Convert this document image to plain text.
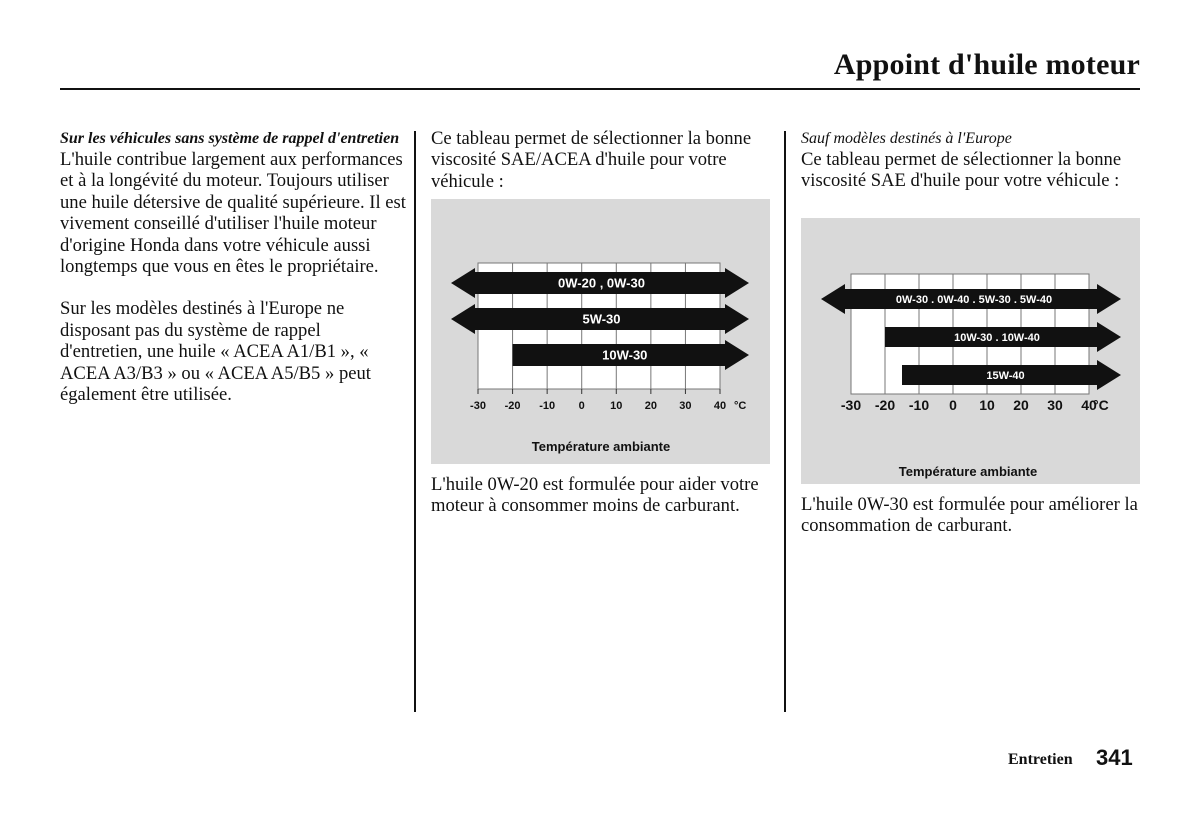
Appoint d'huile moteur

Sur les véhicules sans système de rappel d'entretien

L'huile contribue largement aux performances et à la longévité du moteur. Toujours utiliser une huile détersive de qualité supérieure. Il est vivement conseillé d'utiliser l'huile moteur d'origine Honda dans votre véhicule aussi longtemps que vous en êtes le propriétaire.

Sur les modèles destinés à l'Europe ne disposant pas du système de rappel d'entretien, une huile « ACEA A1/B1 », « ACEA A3/B3 » ou « ACEA A5/B5 » peut également être utilisée.

Ce tableau permet de sélectionner la bonne viscosité SAE/ACEA d'huile pour votre véhicule :

0W-20 , 0W-30
5W-30
10W-30
-30 -20 -10 0 10 20 30 40 °C
Température ambiante

L'huile 0W-20 est formulée pour aider votre moteur à consommer moins de carburant.

Sauf modèles destinés à l'Europe

Ce tableau permet de sélectionner la bonne viscosité SAE d'huile pour votre véhicule :

0W-30 . 0W-40 . 5W-30 . 5W-40
10W-30 . 10W-40
15W-40
-30 -20 -10 0 10 20 30 40
°C
Température ambiante

L'huile 0W-30 est formulée pour améliorer la consommation de carburant.

Entretien 341
